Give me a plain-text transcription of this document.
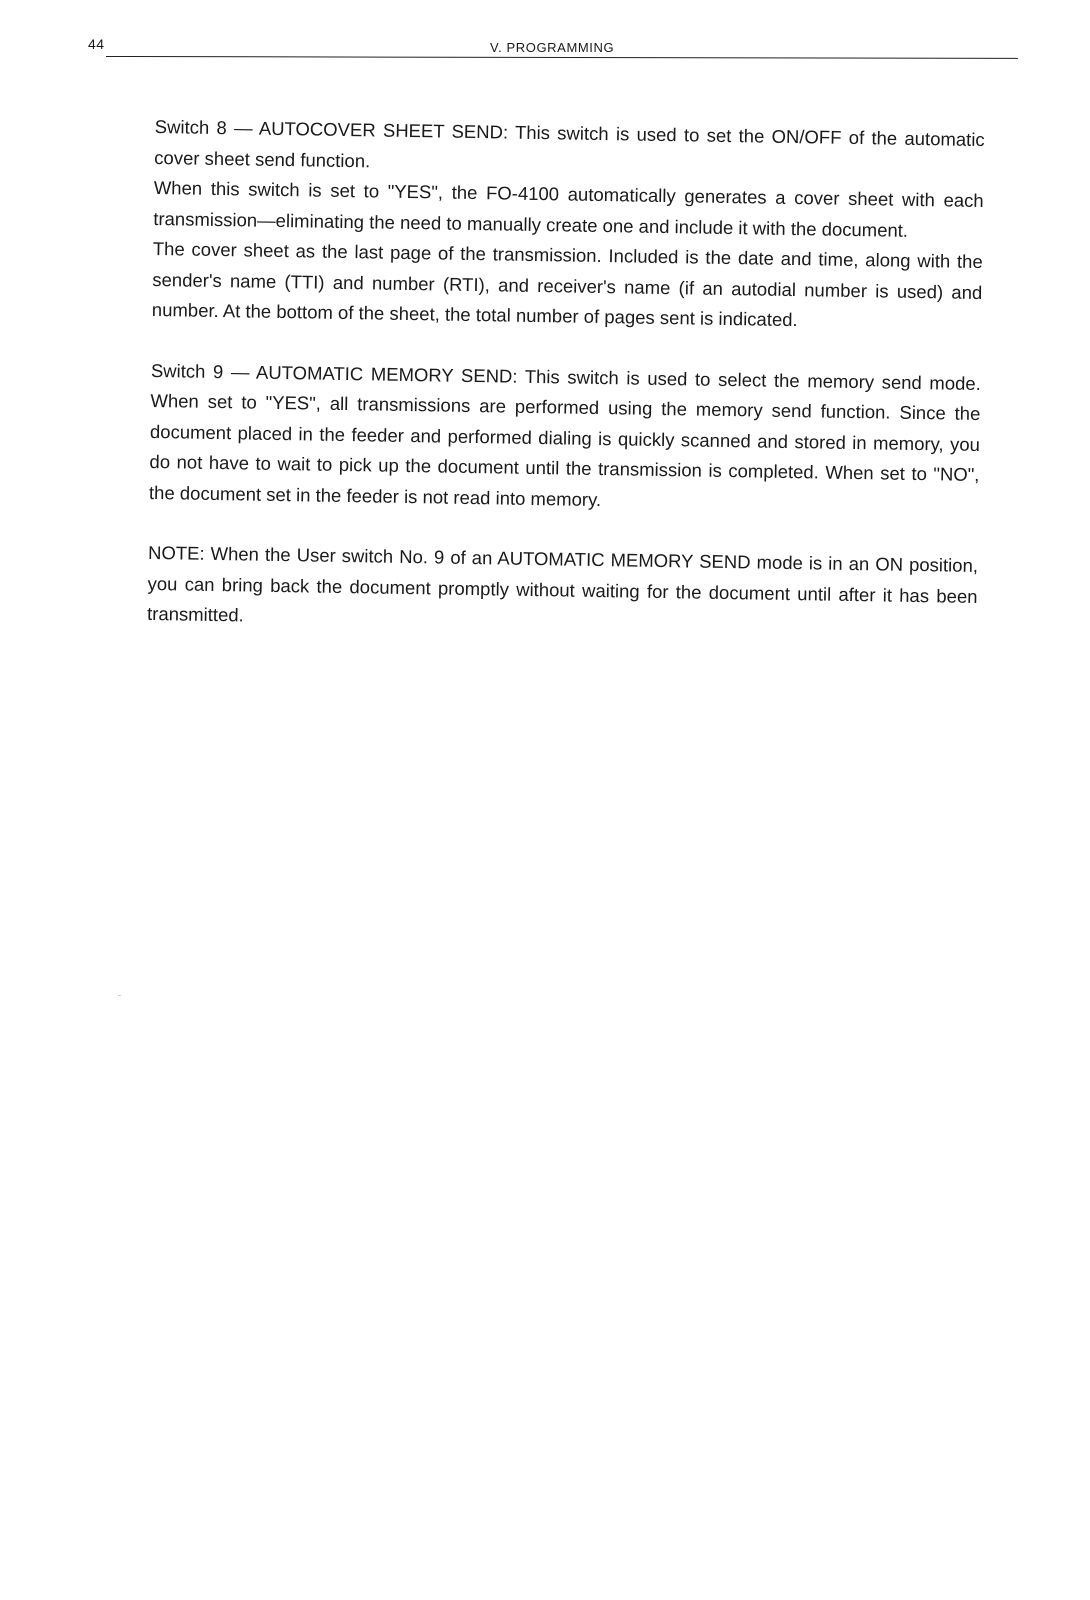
44	V. PROGRAMMING

Switch 8 — AUTOCOVER SHEET SEND: This switch is used to set the ON/OFF of the automatic cover sheet send function.

When this switch is set to "YES", the FO-4100 automatically generates a cover sheet with each transmission—eliminating the need to manually create one and include it with the document.

The cover sheet as the last page of the transmission. Included is the date and time, along with the sender's name (TTI) and number (RTI), and receiver's name (if an autodial number is used) and number. At the bottom of the sheet, the total number of pages sent is indicated.

Switch 9 — AUTOMATIC MEMORY SEND: This switch is used to select the memory send mode. When set to "YES", all transmissions are performed using the memory send function. Since the document placed in the feeder and performed dialing is quickly scanned and stored in memory, you do not have to wait to pick up the document until the transmission is completed. When set to "NO", the document set in the feeder is not read into memory.

NOTE: When the User switch No. 9 of an AUTOMATIC MEMORY SEND mode is in an ON position, you can bring back the document promptly without waiting for the document until after it has been transmitted.
